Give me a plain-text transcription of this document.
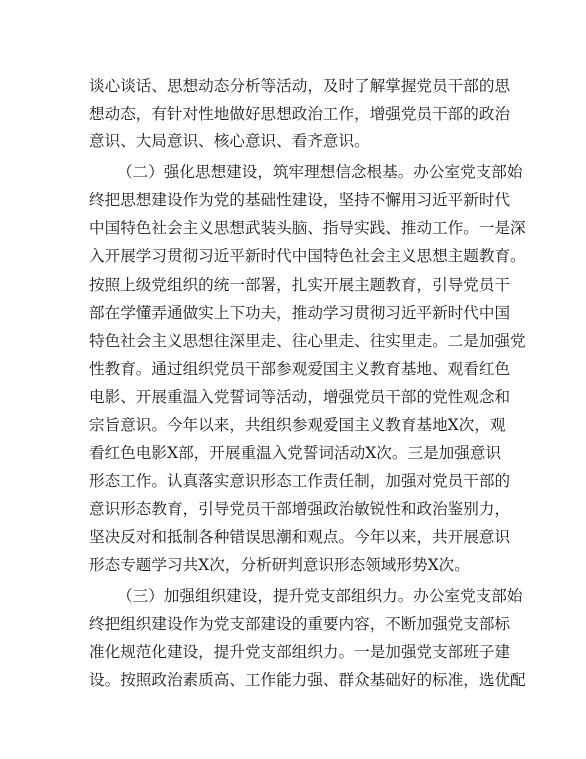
谈心谈话、思想动态分析等活动，及时了解掌握党员干部的思
想动态，有针对性地做好思想政治工作，增强党员干部的政治
意识、大局意识、核心意识、看齐意识。
（二）强化思想建设，筑牢理想信念根基。办公室党支部始
终把思想建设作为党的基础性建设，坚持不懈用习近平新时代
中国特色社会主义思想武装头脑、指导实践、推动工作。一是深
入开展学习贯彻习近平新时代中国特色社会主义思想主题教育。
按照上级党组织的统一部署，扎实开展主题教育，引导党员干
部在学懂弄通做实上下功夫，推动学习贯彻习近平新时代中国
特色社会主义思想往深里走、往心里走、往实里走。二是加强党
性教育。通过组织党员干部参观爱国主义教育基地、观看红色
电影、开展重温入党誓词等活动，增强党员干部的党性观念和
宗旨意识。今年以来，共组织参观爱国主义教育基地X次，观
看红色电影X部，开展重温入党誓词活动X次。三是加强意识
形态工作。认真落实意识形态工作责任制，加强对党员干部的
意识形态教育，引导党员干部增强政治敏锐性和政治鉴别力，
坚决反对和抵制各种错误思潮和观点。今年以来，共开展意识
形态专题学习共X次，分析研判意识形态领域形势X次。
（三）加强组织建设，提升党支部组织力。办公室党支部始
终把组织建设作为党支部建设的重要内容，不断加强党支部标
准化规范化建设，提升党支部组织力。一是加强党支部班子建
设。按照政治素质高、工作能力强、群众基础好的标准，选优配
